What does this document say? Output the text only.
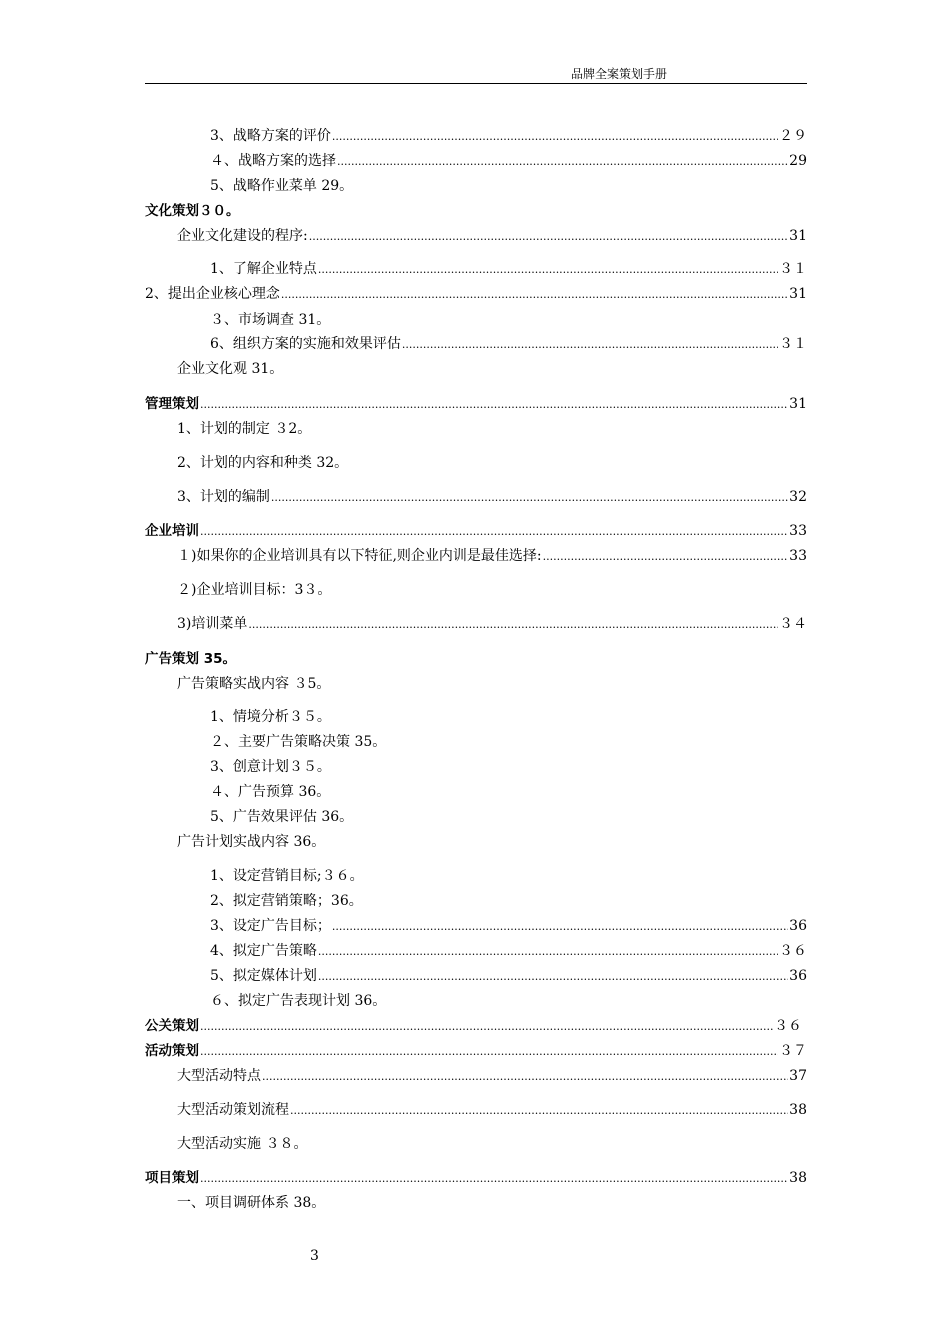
品牌全案策划手册
3、战略方案的评价 .....	２９
４、战略方案的选择 .....	29
5、战略作业菜单 29。
文化策划３０。
企业文化建设的程序: .....	31
1、了解企业特点 .....	３１
2、提出企业核心理念 .....	31
３、市场调查 31。
6、组织方案的实施和效果评估 .....	３１
企业文化观 31。
管理策划 .....	31
1、计划的制定 ３2。
2、计划的内容和种类 32。
3、计划的编制 .....	32
企业培训 .....	33
１)如果你的企业培训具有以下特征,则企业内训是最佳选择: .....	33
２)企业培训目标：3３。
3)培训菜单 .....	３４
广告策划 35。
广告策略实战内容 ３5。
1、情境分析３５。
２、主要广告策略决策 35。
3、创意计划３５。
４、广告预算 36。
5、广告效果评估 36。
广告计划实战内容 36。
1、设定营销目标;３６。
2、拟定营销策略；36。
3、设定广告目标； .....	36
4、拟定广告策略 .....	３６
5、拟定媒体计划 .....	36
６、拟定广告表现计划 36。
公关策划 .....	３６
活动策划 .....	３７
大型活动特点 .....	37
大型活动策划流程 .....	38
大型活动实施 ３８。
项目策划 .....	38
一、项目调研体系 38。
3
